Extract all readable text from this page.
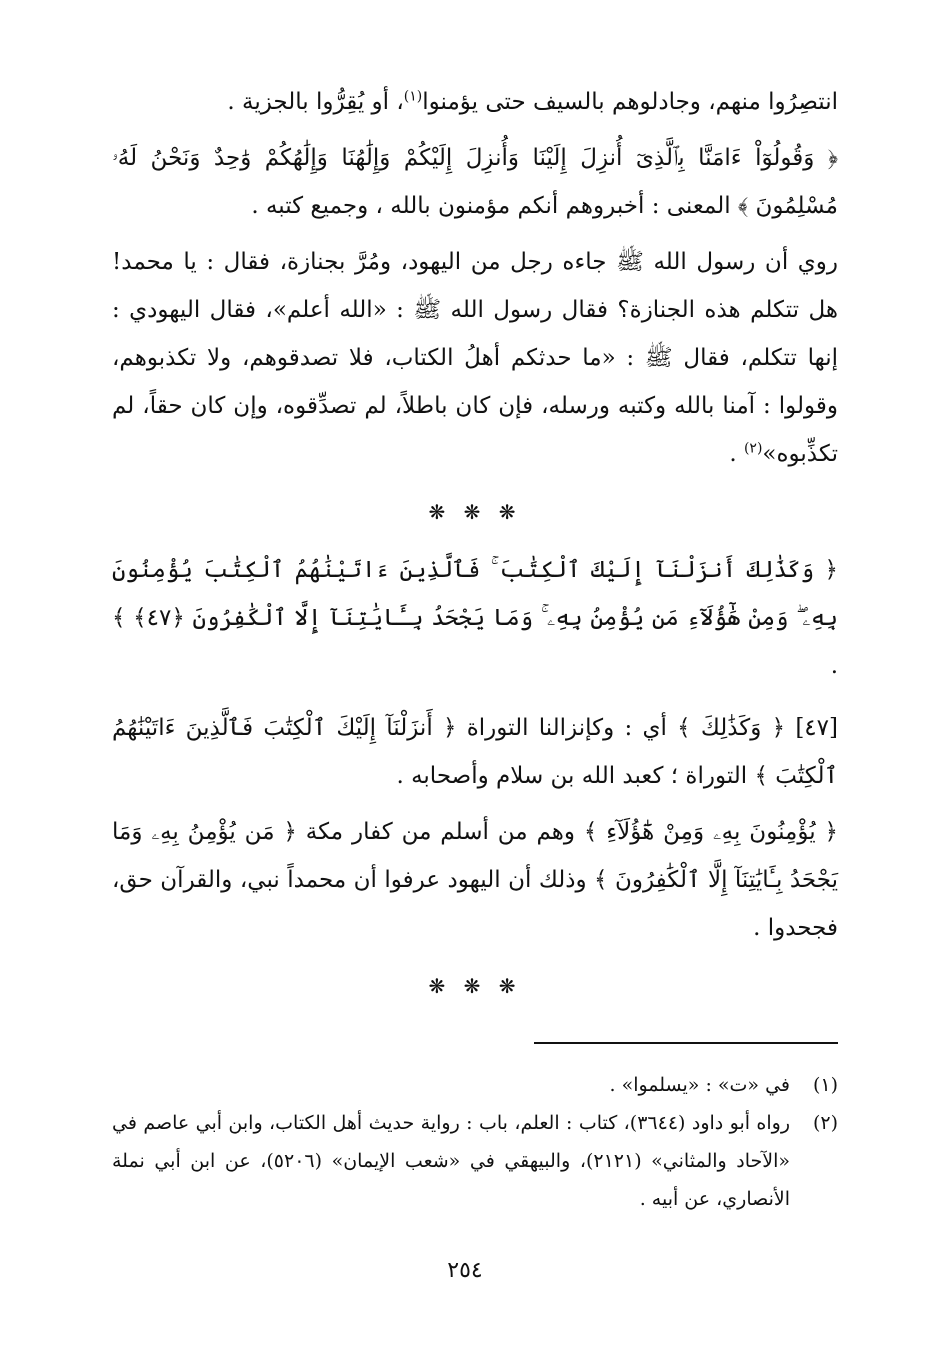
انتصِرُوا منهم، وجادلوهم بالسيف حتى يؤمنوا$^{(١)}$، أو يُقِرُّوا بالجزية .

﴿ وَقُولُوٓاْ ءَامَنَّا بِٱلَّذِىٓ أُنزِلَ إِلَيْنَا وَأُنزِلَ إِلَيْكُمْ وَإِلَٰهُنَا وَإِلَٰهُكُمْ وَٰحِدٌ وَنَحْنُ لَهُۥ مُسْلِمُونَ ﴾ المعنى : أخبروهم أنكم مؤمنون بالله ، وجميع كتبه .

روي أن رسول الله ﷺ جاءه رجل من اليهود، ومُرَّ بجنازة، فقال : يا محمد! هل تتكلم هذه الجنازة؟ فقال رسول الله ﷺ : «الله أعلم»، فقال اليهودي : إنها تتكلم، فقال ﷺ : «ما حدثكم أهلُ الكتاب، فلا تصدقوهم، ولا تكذبوهم، وقولوا : آمنا بالله وكتبه ورسله، فإن كان باطلاً، لم تصدِّقوه، وإن كان حقاً، لم تكذِّبوه»$^{(٢)}$ .

❋ ❋ ❋

﴿ وَكَذَٰلِكَ أَنزَلْنَآ إِلَيْكَ ٱلْكِتَٰبَ ۚ فَٱلَّذِينَ ءَاتَيْنَٰهُمُ ٱلْكِتَٰبَ يُؤْمِنُونَ بِهِۦ ۖ وَمِنْ هَٰٓؤُلَآءِ مَن يُؤْمِنُ بِهِۦ ۚ وَمَا يَجْحَدُ بِـَٔايَٰتِنَآ إِلَّا ٱلْكَٰفِرُونَ ﴿٤٧﴾ ﴾ .

[٤٧] ﴿ وَكَذَٰلِكَ ﴾ أي : وكإنزالنا التوراة ﴿ أَنزَلْنَآ إِلَيْكَ ٱلْكِتَٰبَ فَٱلَّذِينَ ءَاتَيْنَٰهُمُ ٱلْكِتَٰبَ ﴾ التوراة ؛ كعبد الله بن سلام وأصحابه .

﴿ يُؤْمِنُونَ بِهِۦ وَمِنْ هَٰٓؤُلَآءِ ﴾ وهم من أسلم من كفار مكة ﴿ مَن يُؤْمِنُ بِهِۦ وَمَا يَجْحَدُ بِـَٔايَٰتِنَآ إِلَّا ٱلْكَٰفِرُونَ ﴾ وذلك أن اليهود عرفوا أن محمداً نبي، والقرآن حق، فجحدوا .

❋ ❋ ❋
(١)
في «ت» : «يسلموا» .
(٢)
رواه أبو داود (٣٦٤٤)، كتاب : العلم، باب : رواية حديث أهل الكتاب، وابن أبي عاصم في «الآحاد والمثاني» (٢١٢١)، والبيهقي في «شعب الإيمان» (٥٢٠٦)، عن ابن أبي نملة الأنصاري، عن أبيه .
٢٥٤
